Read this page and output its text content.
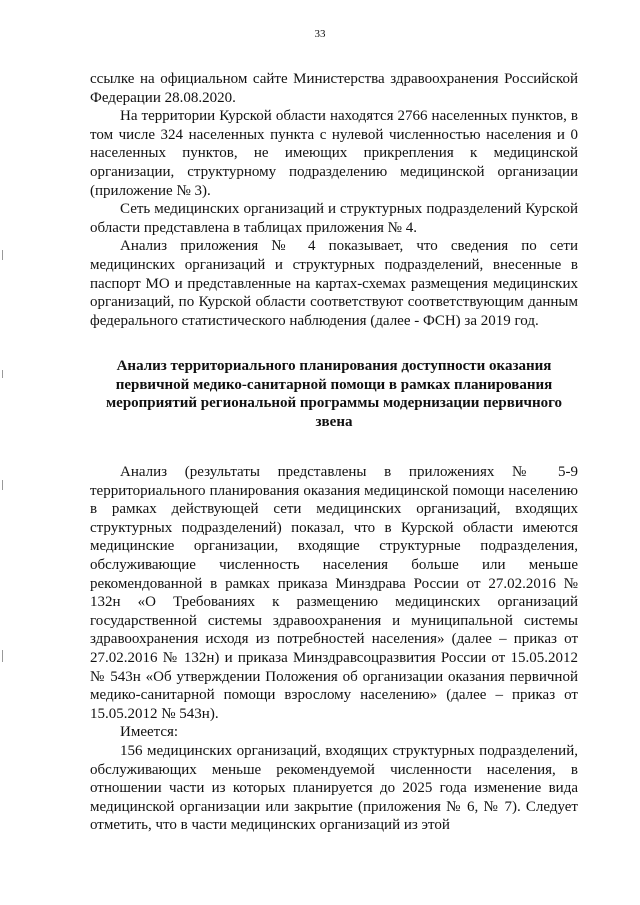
33

ссылке на официальном сайте Министерства здравоохранения Российской Федерации 28.08.2020.

На территории Курской области находятся 2766 населенных пунктов, в том числе 324 населенных пункта с нулевой численностью населения и 0 населенных пунктов, не имеющих прикрепления к медицинской организации, структурному подразделению медицинской организации (приложение № 3).

Сеть медицинских организаций и структурных подразделений Курской области представлена в таблицах приложения № 4.

Анализ приложения № 4 показывает, что сведения по сети медицинских организаций и структурных подразделений, внесенные в паспорт МО и представленные на картах-схемах размещения медицинских организаций, по Курской области соответствуют соответствующим данным федерального статистического наблюдения (далее - ФСН) за 2019 год.

Анализ территориального планирования доступности оказания первичной медико-санитарной помощи в рамках планирования мероприятий региональной программы модернизации первичного звена

Анализ (результаты представлены в приложениях № 5-9 территориального планирования оказания медицинской помощи населению в рамках действующей сети медицинских организаций, входящих структурных подразделений) показал, что в Курской области имеются медицинские организации, входящие структурные подразделения, обслуживающие численность населения больше или меньше рекомендованной в рамках приказа Минздрава России от 27.02.2016 № 132н «О Требованиях к размещению медицинских организаций государственной системы здравоохранения и муниципальной системы здравоохранения исходя из потребностей населения» (далее – приказ от 27.02.2016 № 132н) и приказа Минздравсоцразвития России от 15.05.2012 № 543н «Об утверждении Положения об организации оказания первичной медико-санитарной помощи взрослому населению» (далее – приказ от 15.05.2012 № 543н).

Имеется:

156 медицинских организаций, входящих структурных подразделений, обслуживающих меньше рекомендуемой численности населения, в отношении части из которых планируется до 2025 года изменение вида медицинской организации или закрытие (приложения № 6, № 7). Следует отметить, что в части медицинских организаций из этой
